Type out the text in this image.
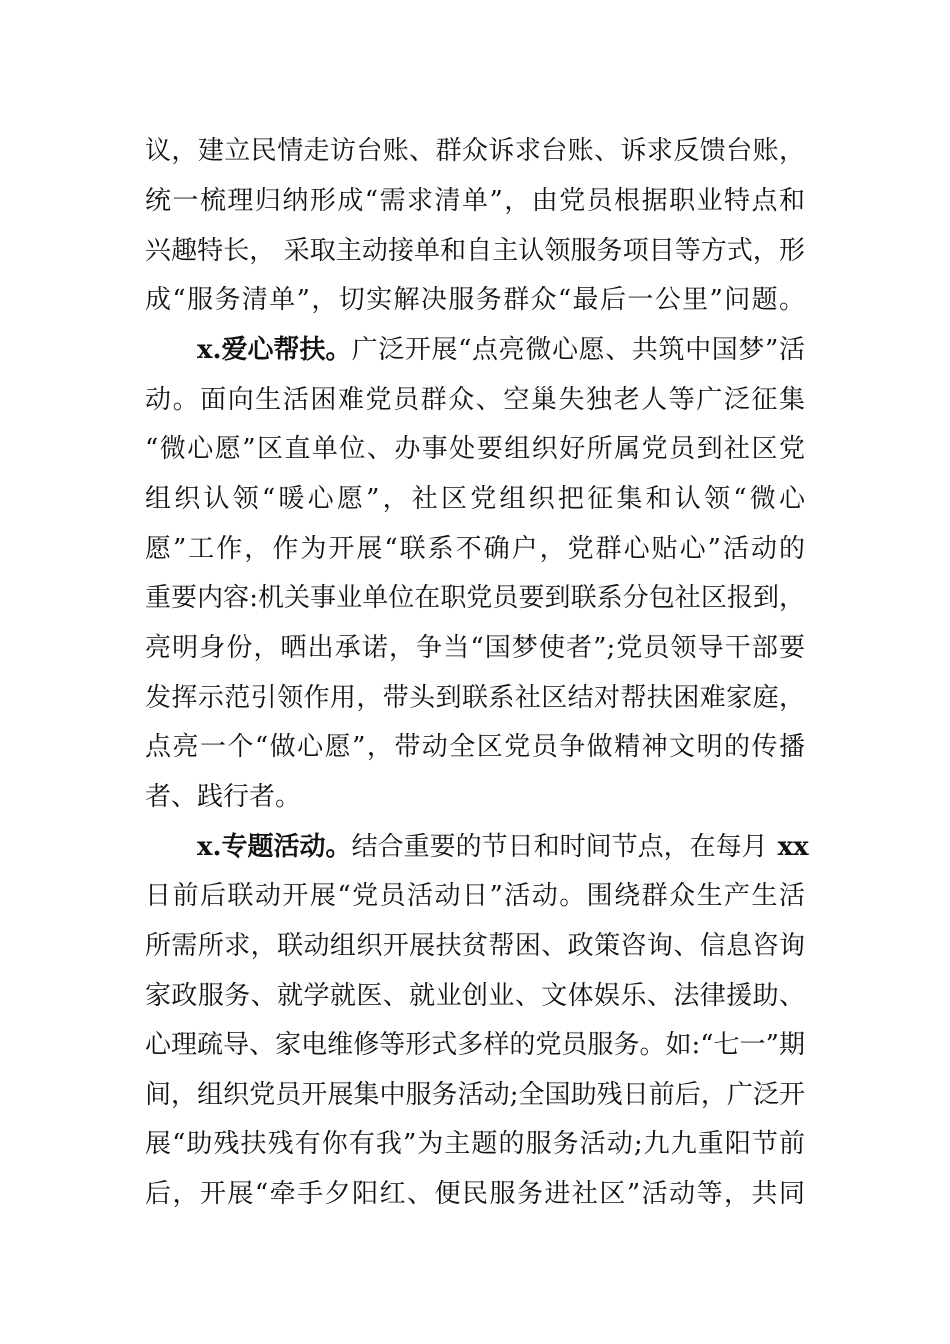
议，建立民情走访台账、群众诉求台账、诉求反馈台账，
统一梳理归纳形成“需求清单”，由党员根据职业特点和
兴趣特长， 采取主动接单和自主认领服务项目等方式，形
成“服务清单”，切实解决服务群众“最后一公里”问题。
x.爱心帮扶。 广泛开展“点亮微心愿、共筑中国梦”活
动。面向生活困难党员群众、空巢失独老人等广泛征集
“微心愿”区直单位、办事处要组织好所属党员到社区党
组织认领“暖心愿”，社区党组织把征集和认领“微心
愿”工作，作为开展“联系不确户，党群心贴心”活动的
重要内容:机关事业单位在职党员要到联系分包社区报到，
亮明身份，晒出承诺，争当“国梦使者”;党员领导干部要
发挥示范引领作用，带头到联系社区结对帮扶困难家庭，
点亮一个“做心愿”，带动全区党员争做精神文明的传播
者、践行者。
x.专题活动。 结合重要的节日和时间节点，在每月 xx
日前后联动开展“党员活动日”活动。围绕群众生产生活
所需所求，联动组织开展扶贫帮困、政策咨询、信息咨询
家政服务、就学就医、就业创业、文体娱乐、法律援助、
心理疏导、家电维修等形式多样的党员服务。如:“七一”期
间，组织党员开展集中服务活动;全国助残日前后，广泛开
展“助残扶残有你有我”为主题的服务活动;九九重阳节前
后，开展“牵手夕阳红、便民服务进社区”活动等，共同
